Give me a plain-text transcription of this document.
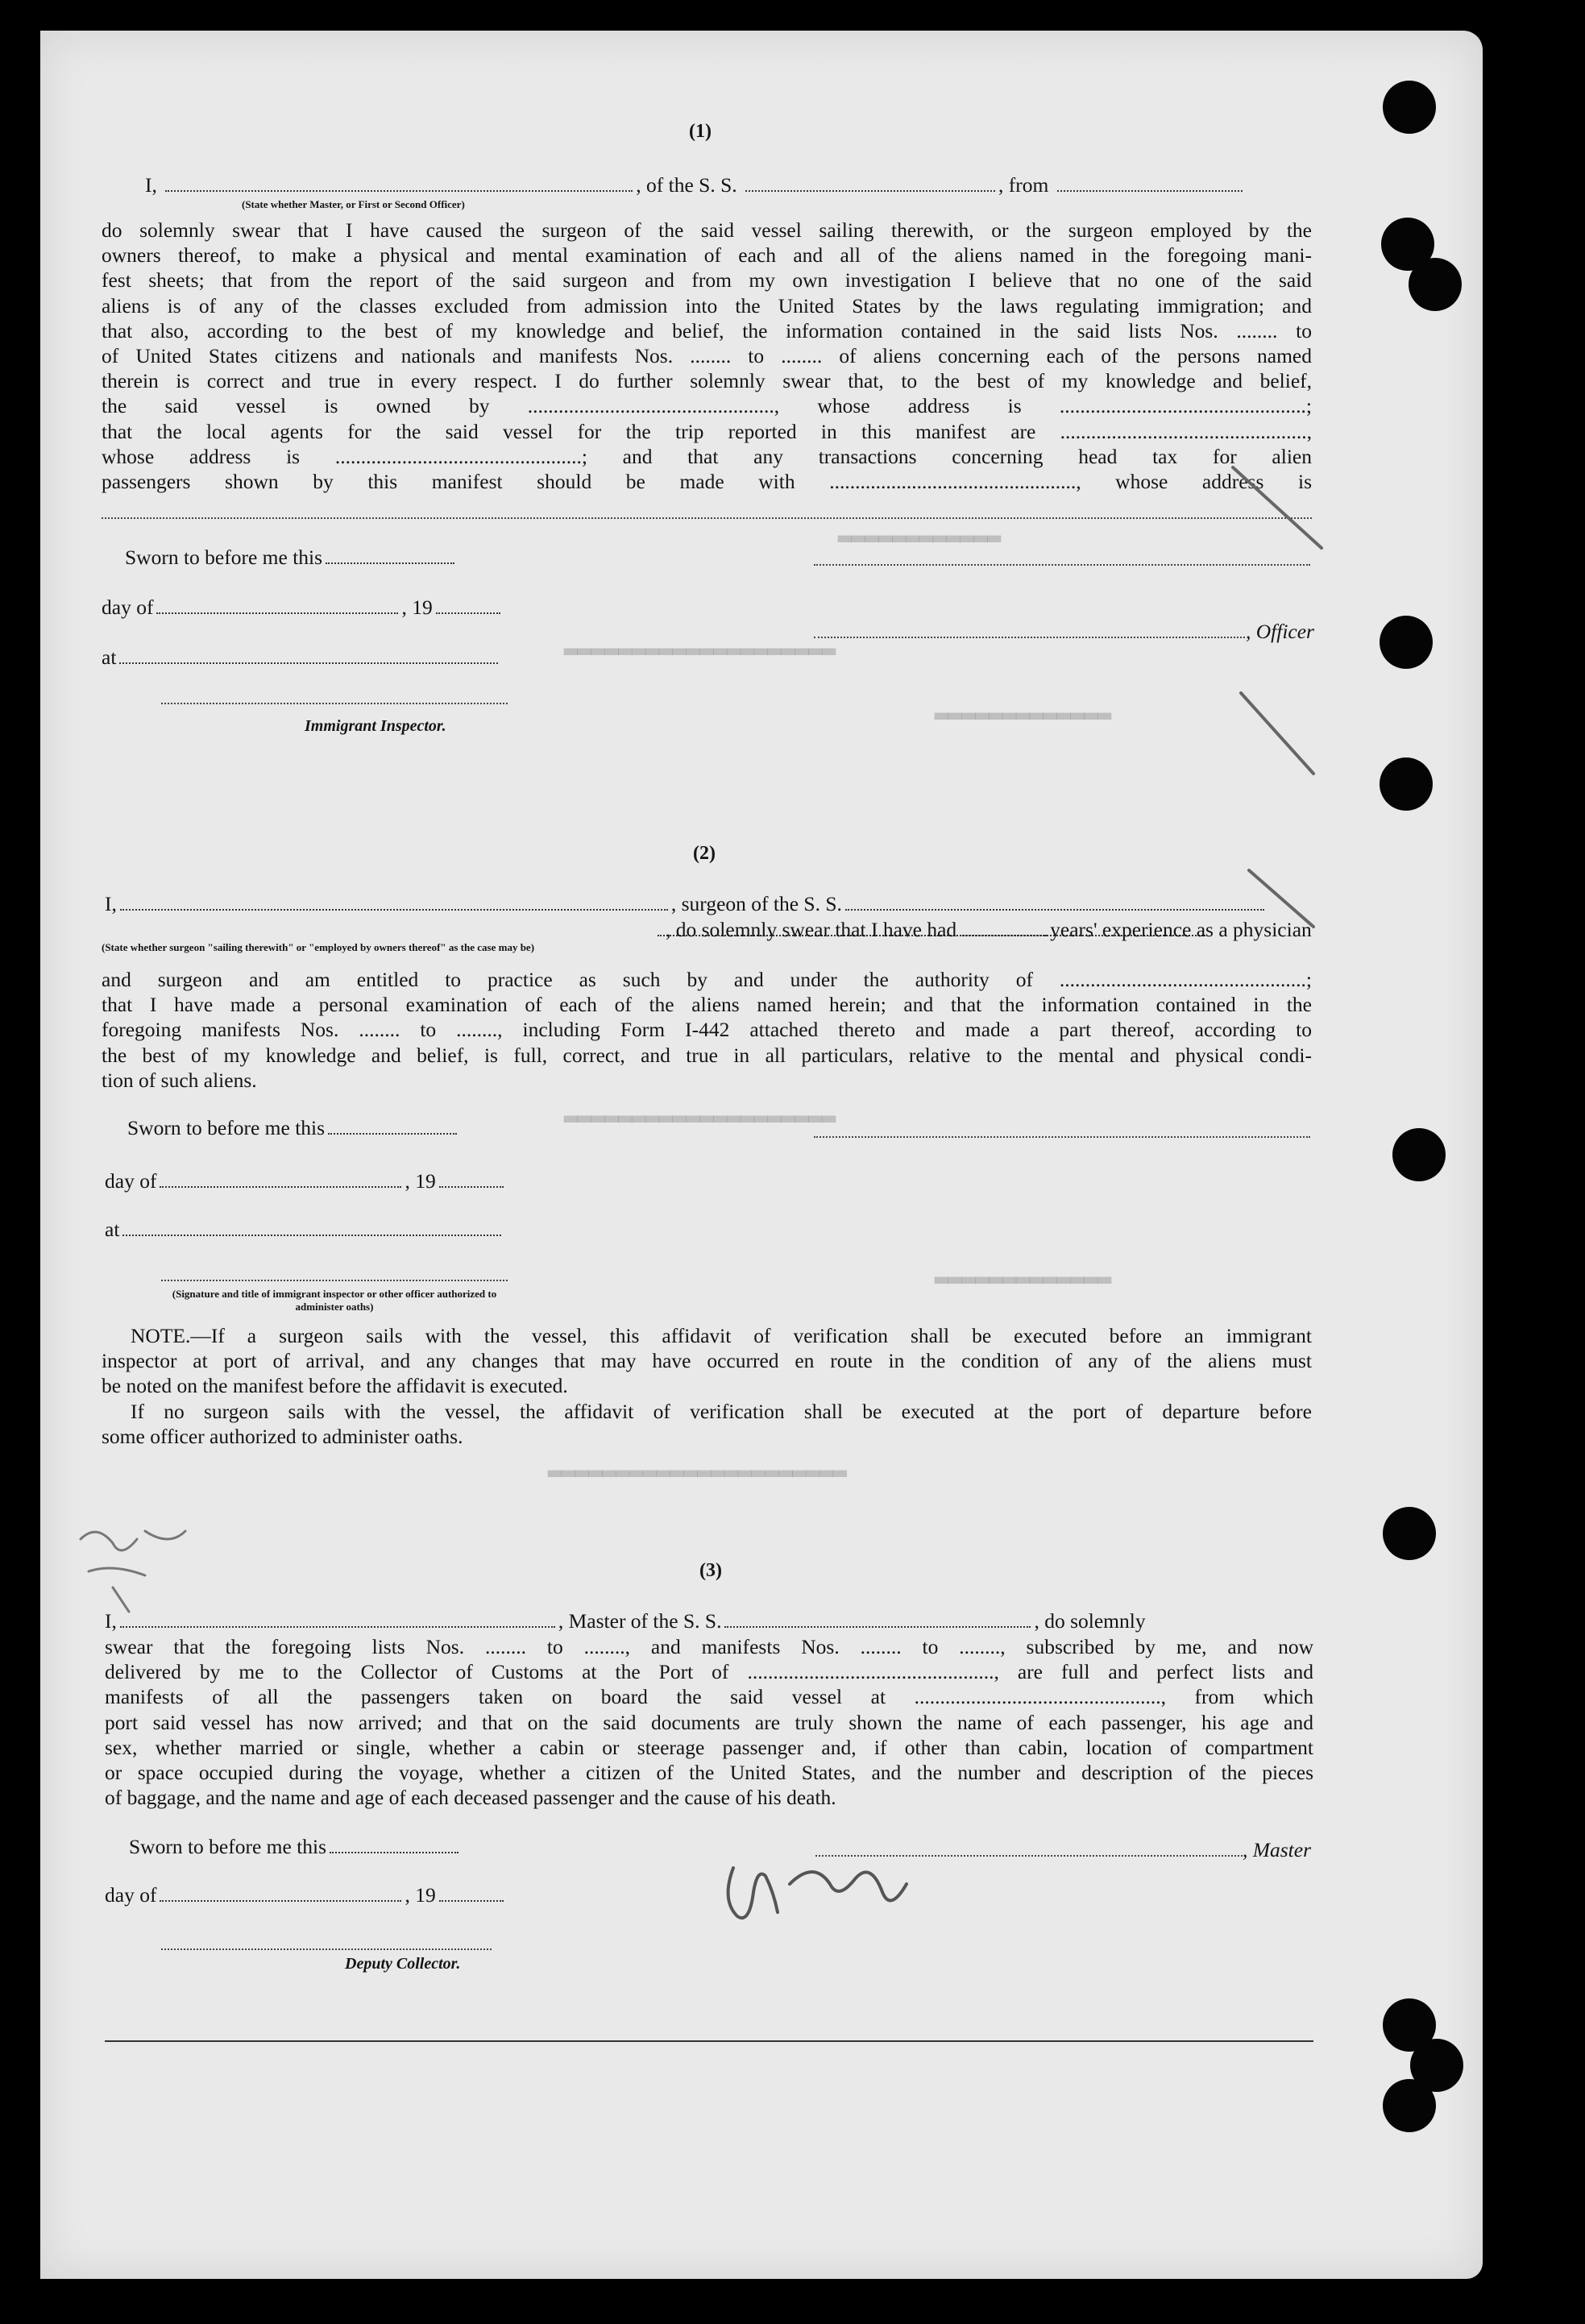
▂▂▂▂▂▂▂▂▂▂▂▂
▂▂▂▂▂▂▂▂▂▂▂▂▂▂▂▂▂▂▂▂
▂▂▂▂▂▂▂▂▂▂▂▂▂
▂▂▂▂▂▂▂▂▂▂▂▂▂▂▂▂▂▂▂▂
▂▂▂▂▂▂▂▂▂▂▂▂▂
▂▂▂▂▂▂▂▂▂▂▂▂▂▂▂▂▂▂▂▂▂▂
(1)
I,	, of the S. S.	, from
(State whether Master, or First or Second Officer)
do solemnly swear that I have caused the surgeon of the said vessel sailing therewith, or the surgeon employed by the
owners thereof, to make a physical and mental examination of each and all of the aliens named in the foregoing mani-
fest sheets; that from the report of the said surgeon and from my own investigation I believe that no one of the said
aliens is of any of the classes excluded from admission into the United States by the laws regulating immigration; and
that also, according to the best of my knowledge and belief, the information contained in the said lists Nos. ........ to
of United States citizens and nationals and manifests Nos. ........ to ........ of aliens concerning each of the persons named
therein is correct and true in every respect. I do further solemnly swear that, to the best of my knowledge and belief,
the said vessel is owned by ................................................, whose address is ................................................;
that the local agents for the said vessel for the trip reported in this manifest are ................................................,
whose address is ................................................; and that any transactions concerning head tax for alien
passengers shown by this manifest should be made with ................................................, whose address is
Sworn to before me this
day of	, 19
, Officer
at
Immigrant Inspector.
(2)
I,	, surgeon of the S. S.
, do solemnly swear that I have had	years' experience as a physician
(State whether surgeon "sailing therewith" or "employed by owners thereof" as the case may be)
and surgeon and am entitled to practice as such by and under the authority of ................................................;
that I have made a personal examination of each of the aliens named herein; and that the information contained in the
foregoing manifests Nos. ........ to ........, including Form I-442 attached thereto and made a part thereof, according to
the best of my knowledge and belief, is full, correct, and true in all particulars, relative to the mental and physical condi-
tion of such aliens.
Sworn to before me this
day of	, 19
at
(Signature and title of immigrant inspector or other officer authorized to administer oaths)
NOTE.—If a surgeon sails with the vessel, this affidavit of verification shall be executed before an immigrant
inspector at port of arrival, and any changes that may have occurred en route in the condition of any of the aliens must
be noted on the manifest before the affidavit is executed.
If no surgeon sails with the vessel, the affidavit of verification shall be executed at the port of departure before
some officer authorized to administer oaths.
(3)
I,	, Master of the S. S.	, do solemnly
swear that the foregoing lists Nos. ........ to ........, and manifests Nos. ........ to ........, subscribed by me, and now
delivered by me to the Collector of Customs at the Port of ................................................, are full and perfect lists and
manifests of all the passengers taken on board the said vessel at ................................................, from which
port said vessel has now arrived; and that on the said documents are truly shown the name of each passenger, his age and
sex, whether married or single, whether a cabin or steerage passenger and, if other than cabin, location of compartment
or space occupied during the voyage, whether a citizen of the United States, and the number and description of the pieces
of baggage, and the name and age of each deceased passenger and the cause of his death.
Sworn to before me this	, Master
day of	, 19
Deputy Collector.
